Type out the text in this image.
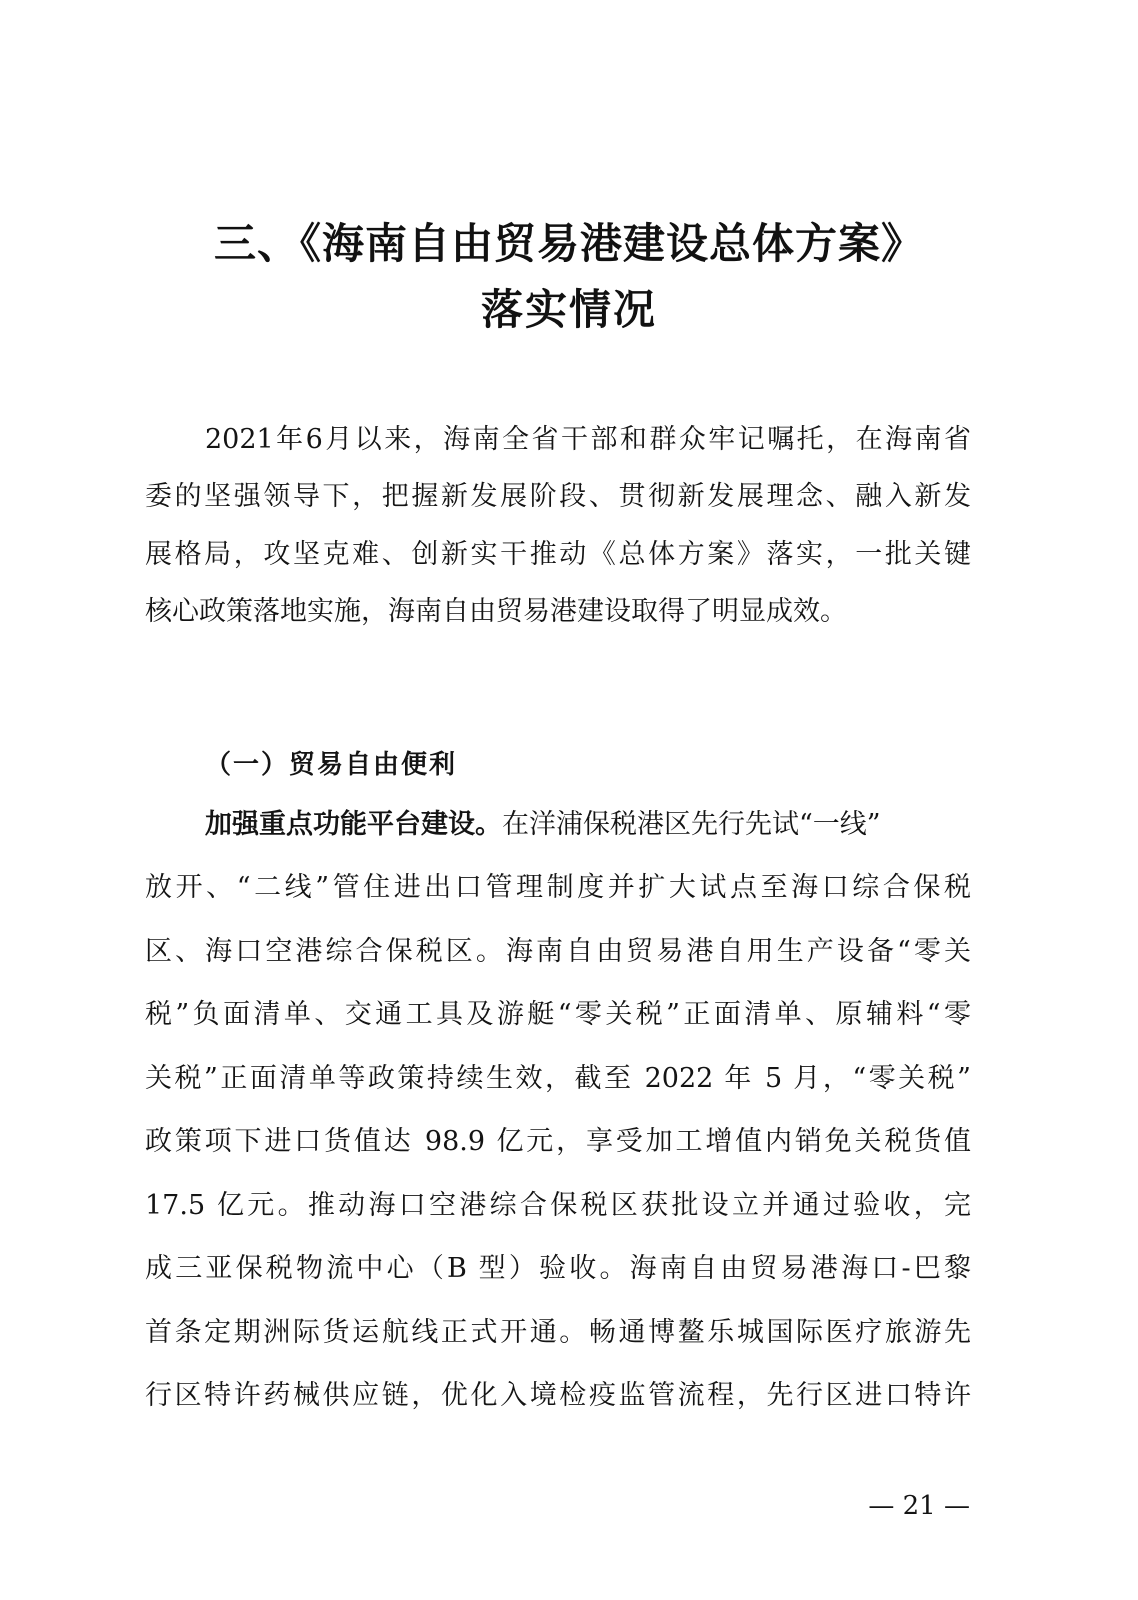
三、《海南自由贸易港建设总体方案》
落实情况
2021年6月以来，海南全省干部和群众牢记嘱托，在海南省
委的坚强领导下，把握新发展阶段、贯彻新发展理念、融入新发
展格局，攻坚克难、创新实干推动《总体方案》落实，一批关键
核心政策落地实施，海南自由贸易港建设取得了明显成效。
（一）贸易自由便利
加强重点功能平台建设。在洋浦保税港区先行先试“一线”
放开、“二线”管住进出口管理制度并扩大试点至海口综合保税
区、海口空港综合保税区。海南自由贸易港自用生产设备“零关
税”负面清单、交通工具及游艇“零关税”正面清单、原辅料“零
关税”正面清单等政策持续生效，截至 2022 年 5 月，“零关税”
政策项下进口货值达 98.9 亿元，享受加工增值内销免关税货值
17.5 亿元。推动海口空港综合保税区获批设立并通过验收，完
成三亚保税物流中心（B 型）验收。海南自由贸易港海口-巴黎
首条定期洲际货运航线正式开通。畅通博鳌乐城国际医疗旅游先
行区特许药械供应链，优化入境检疫监管流程，先行区进口特许
— 21 —
